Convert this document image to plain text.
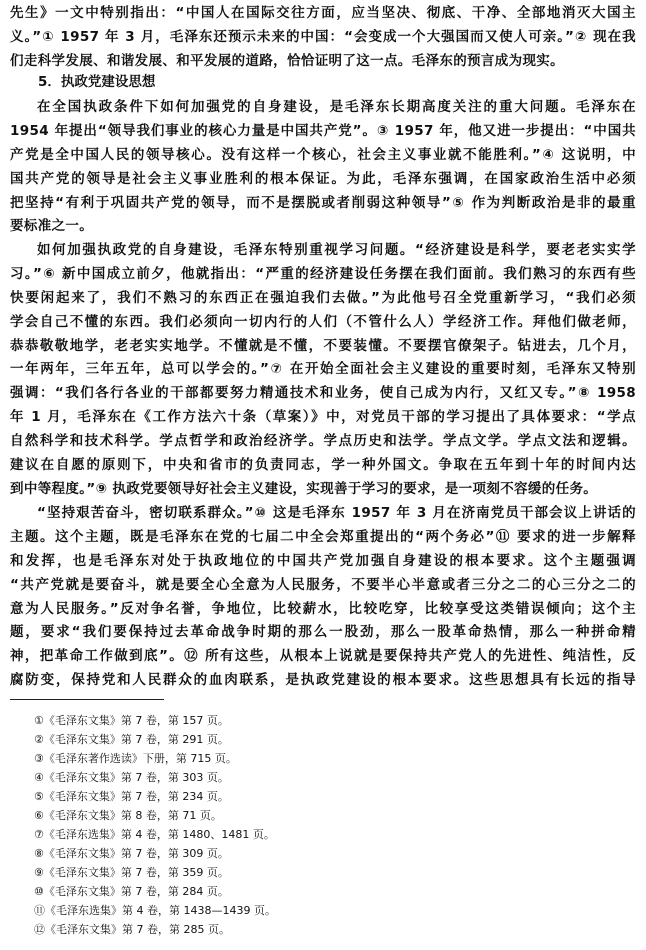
先生》一文中特别指出：“中国人在国际交往方面，应当坚决、彻底、干净、全部地消灭大国主
义。”① 1957 年 3 月，毛泽东还预示未来的中国：“会变成一个大强国而又使人可亲。”② 现在我
们走科学发展、和谐发展、和平发展的道路，恰恰证明了这一点。毛泽东的预言成为现实。
5．执政党建设思想
在全国执政条件下如何加强党的自身建设，是毛泽东长期高度关注的重大问题。毛泽东在
1954 年提出“领导我们事业的核心力量是中国共产党”。③ 1957 年，他又进一步提出：“中国共
产党是全中国人民的领导核心。没有这样一个核心，社会主义事业就不能胜利。”④ 这说明，中
国共产党的领导是社会主义事业胜利的根本保证。为此，毛泽东强调，在国家政治生活中必须
把坚持“有利于巩固共产党的领导，而不是摆脱或者削弱这种领导”⑤ 作为判断政治是非的最重
要标准之一。
如何加强执政党的自身建设，毛泽东特别重视学习问题。“经济建设是科学，要老老实实学
习。”⑥ 新中国成立前夕，他就指出：“严重的经济建设任务摆在我们面前。我们熟习的东西有些
快要闲起来了，我们不熟习的东西正在强迫我们去做。”为此他号召全党重新学习，“我们必须
学会自己不懂的东西。我们必须向一切内行的人们（不管什么人）学经济工作。拜他们做老师，
恭恭敬敬地学，老老实实地学。不懂就是不懂，不要装懂。不要摆官僚架子。钻进去，几个月，
一年两年，三年五年，总可以学会的。”⑦ 在开始全面社会主义建设的重要时刻，毛泽东又特别
强调：“我们各行各业的干部都要努力精通技术和业务，使自己成为内行，又红又专。”⑧ 1958
年 1 月，毛泽东在《工作方法六十条（草案）》中，对党员干部的学习提出了具体要求：“学点
自然科学和技术科学。学点哲学和政治经济学。学点历史和法学。学点文学。学点文法和逻辑。
建议在自愿的原则下，中央和省市的负责同志，学一种外国文。争取在五年到十年的时间内达
到中等程度。”⑨ 执政党要领导好社会主义建设，实现善于学习的要求，是一项刻不容缓的任务。
“坚持艰苦奋斗，密切联系群众。”⑩ 这是毛泽东 1957 年 3 月在济南党员干部会议上讲话的
主题。这个主题，既是毛泽东在党的七届二中全会郑重提出的“两个务必”⑪ 要求的进一步解释
和发挥，也是毛泽东对处于执政地位的中国共产党加强自身建设的根本要求。这个主题强调
“共产党就是要奋斗，就是要全心全意为人民服务，不要半心半意或者三分之二的心三分之二的
意为人民服务。”反对争名誉，争地位，比较薪水，比较吃穿，比较享受这类错误倾向；这个主
题，要求“我们要保持过去革命战争时期的那么一股劲，那么一股革命热情，那么一种拼命精
神，把革命工作做到底”。⑫ 所有这些，从根本上说就是要保持共产党人的先进性、纯洁性，反
腐防变，保持党和人民群众的血肉联系，是执政党建设的根本要求。这些思想具有长远的指导
①《毛泽东文集》第 7 卷，第 157 页。
②《毛泽东文集》第 7 卷，第 291 页。
③《毛泽东著作选读》下册，第 715 页。
④《毛泽东文集》第 7 卷，第 303 页。
⑤《毛泽东文集》第 7 卷，第 234 页。
⑥《毛泽东文集》第 8 卷，第 71 页。
⑦《毛泽东选集》第 4 卷，第 1480、1481 页。
⑧《毛泽东文集》第 7 卷，第 309 页。
⑨《毛泽东文集》第 7 卷，第 359 页。
⑩《毛泽东文集》第 7 卷，第 284 页。
⑪《毛泽东选集》第 4 卷，第 1438—1439 页。
⑫《毛泽东文集》第 7 卷，第 285 页。
